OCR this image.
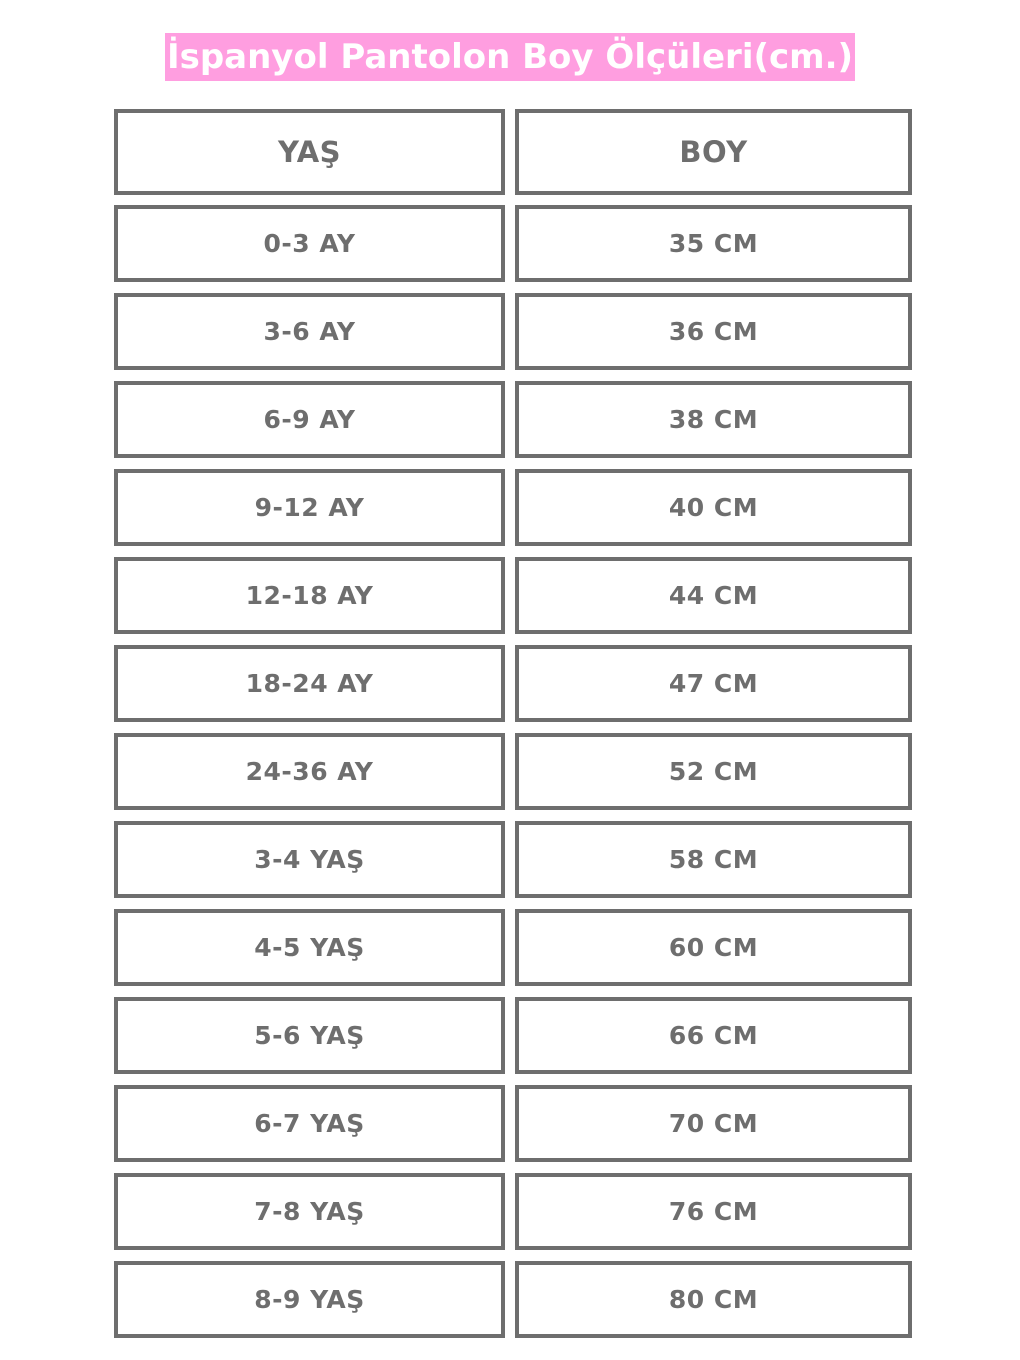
İspanyol Pantolon Boy Ölçüleri(cm.)
YAŞ	BOY
0-3 AY	35 CM
3-6 AY	36 CM
6-9 AY	38 CM
9-12 AY	40 CM
12-18 AY	44 CM
18-24 AY	47 CM
24-36 AY	52 CM
3-4 YAŞ	58 CM
4-5 YAŞ	60 CM
5-6 YAŞ	66 CM
6-7 YAŞ	70 CM
7-8 YAŞ	76 CM
8-9 YAŞ	80 CM
